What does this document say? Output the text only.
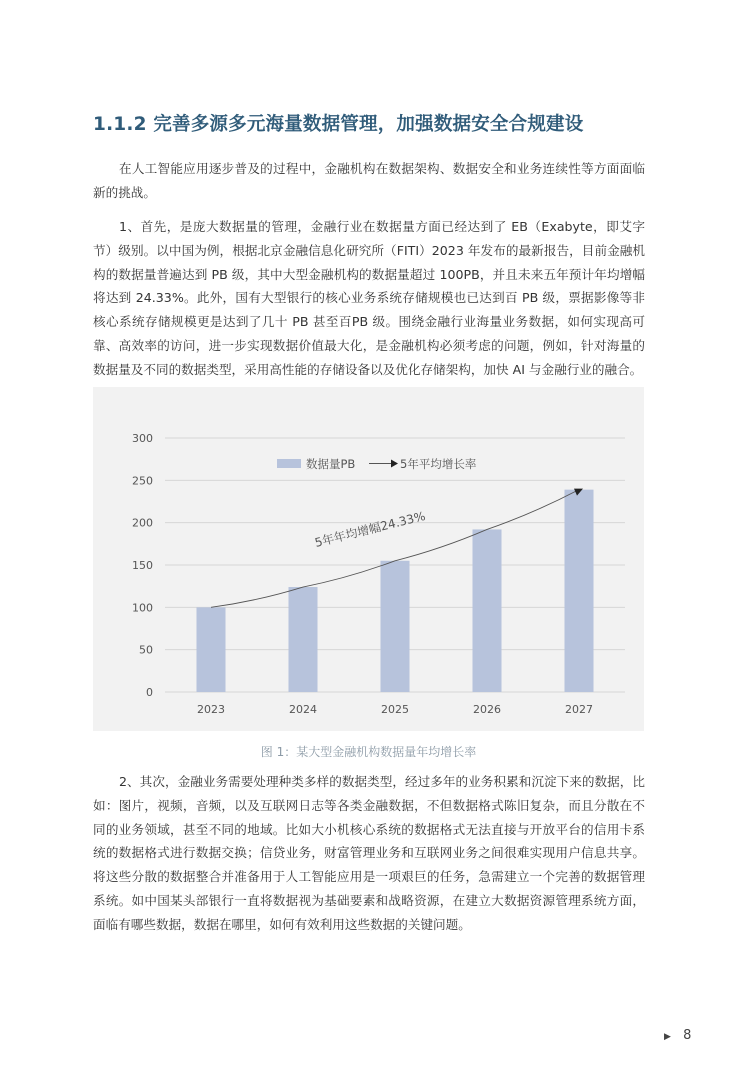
1.1.2 完善多源多元海量数据管理，加强数据安全合规建设
在人工智能应用逐步普及的过程中，金融机构在数据架构、数据安全和业务连续性等方面面临新的挑战。
1、首先，是庞大数据量的管理，金融行业在数据量方面已经达到了 EB（Exabyte，即艾字节）级别。以中国为例，根据北京金融信息化研究所（FITI）2023 年发布的最新报告，目前金融机构的数据量普遍达到 PB 级，其中大型金融机构的数据量超过 100PB，并且未来五年预计年均增幅将达到 24.33%。此外，国有大型银行的核心业务系统存储规模也已达到百 PB 级，票据影像等非核心系统存储规模更是达到了几十 PB 甚至百PB 级。围绕金融行业海量业务数据，如何实现高可靠、高效率的访问，进一步实现数据价值最大化，是金融机构必须考虑的问题，例如，针对海量的数据量及不同的数据类型，采用高性能的存储设备以及优化存储架构，加快 AI 与金融行业的融合。
0
50
100
150
200
250
300
2023	2024	2025	2026	2027
数据量PB	5年平均增长率
5年年均增幅24.33%
图 1：某大型金融机构数据量年均增长率
2、其次，金融业务需要处理种类多样的数据类型，经过多年的业务积累和沉淀下来的数据，比如：图片，视频，音频，以及互联网日志等各类金融数据，不但数据格式陈旧复杂，而且分散在不同的业务领域，甚至不同的地域。比如大小机核心系统的数据格式无法直接与开放平台的信用卡系统的数据格式进行数据交换；信贷业务，财富管理业务和互联网业务之间很难实现用户信息共享。将这些分散的数据整合并准备用于人工智能应用是一项艰巨的任务，急需建立一个完善的数据管理系统。如中国某头部银行一直将数据视为基础要素和战略资源，在建立大数据资源管理系统方面，面临有哪些数据，数据在哪里，如何有效利用这些数据的关键问题。
▶ 8
